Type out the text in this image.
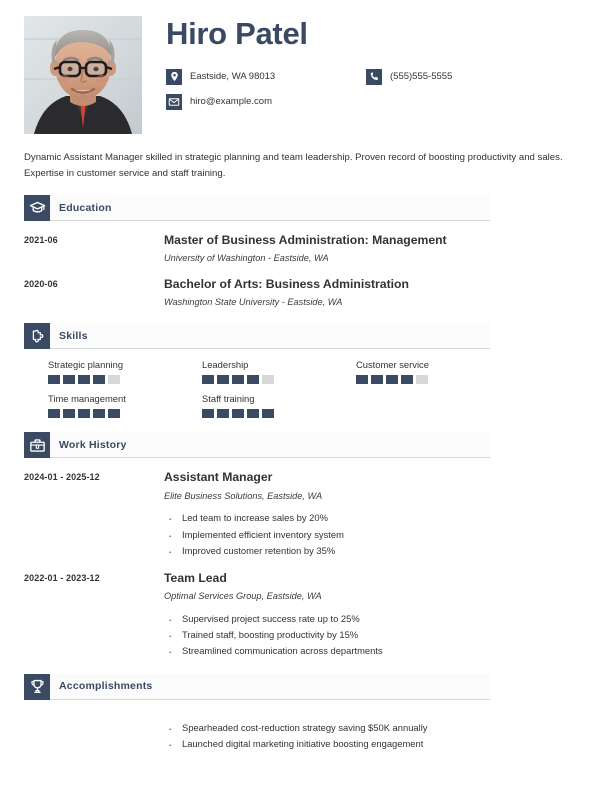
Hiro Patel
Eastside, WA 98013	(555)555-5555
hiro@example.com
Dynamic Assistant Manager skilled in strategic planning and team leadership. Proven record of boosting productivity and sales. Expertise in customer service and staff training.
Education
2021-06	Master of Business Administration: Management
University of Washington - Eastside, WA
2020-06	Bachelor of Arts: Business Administration
Washington State University - Eastside, WA
Skills
Strategic planning	Leadership	Customer service
Time management	Staff training
Work History
2024-01 - 2025-12	Assistant Manager
Elite Business Solutions, Eastside, WA
· Led team to increase sales by 20%
· Implemented efficient inventory system
· Improved customer retention by 35%
2022-01 - 2023-12	Team Lead
Optimal Services Group, Eastside, WA
· Supervised project success rate up to 25%
· Trained staff, boosting productivity by 15%
· Streamlined communication across departments
Accomplishments
· Spearheaded cost-reduction strategy saving $50K annually
· Launched digital marketing initiative boosting engagement
